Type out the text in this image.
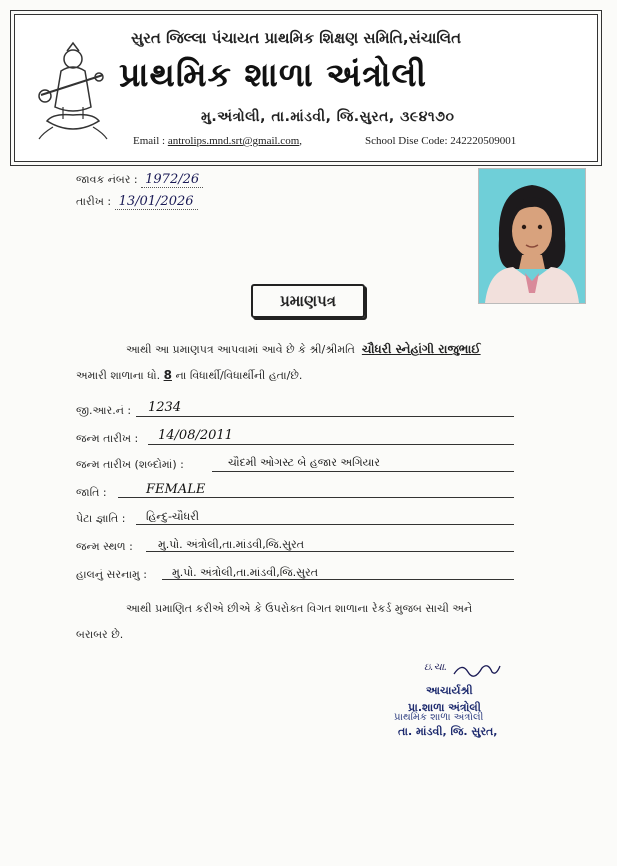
સુરત જિલ્લા પંચાયત પ્રાથમિક શિક્ષણ સમિતિ,સંચાલિત
પ્રાથમિક શાળા અંત્રોલી
મુ.અંત્રોલી, તા.માંડવી, જિ.સુરત, ૩૯૪૧૭૦
Email : antrolips.mnd.srt@gmail.com,	School Dise Code: 24222050900​1
જાવક નંબર : 1972/26
તારીખ : 13/01/2026
પ્રમાણપત્ર
આથી આ પ્રમાણપત્ર આપવામાં આવે છે કે શ્રી/શ્રીમતિ ચૌધરી સ્નેહાંગી રાજુભાઈ
અમારી શાળાના ધો. 8 ના વિધાર્થી/વિધાર્થીની હતા/છે.
જી.આર.નં : 1234
જન્મ તારીખ : 14/08/2011
જન્મ તારીખ (શબ્દોમાં) :	ચૌદમી ઓગસ્ટ બે હજાર અગિયાર
જાતિ :	FEMALE
પેટા જ્ઞાતિ : હિન્દુ-ચૌધરી
જન્મ સ્થળ : મુ.પો. અંત્રોલી,તા.માંડવી,જિ.સુરત
હાલનું સરનામુ : મુ.પો. અંત્રોલી,તા.માંડવી,જિ.સુરત
આથી પ્રમાણિત કરીએ છીએ કે ઉપરોક્ત વિગત શાળાના રેકર્ડ મુજબ સાચી અને
બરાબર છે.
ઇ.ચા.
આચાર્યશ્રી
પ્રા.શાળા અંત્રોલી
પ્રાથમિક શાળા અંત્રોલી
તા. માંડવી, જિ. સુરત,
